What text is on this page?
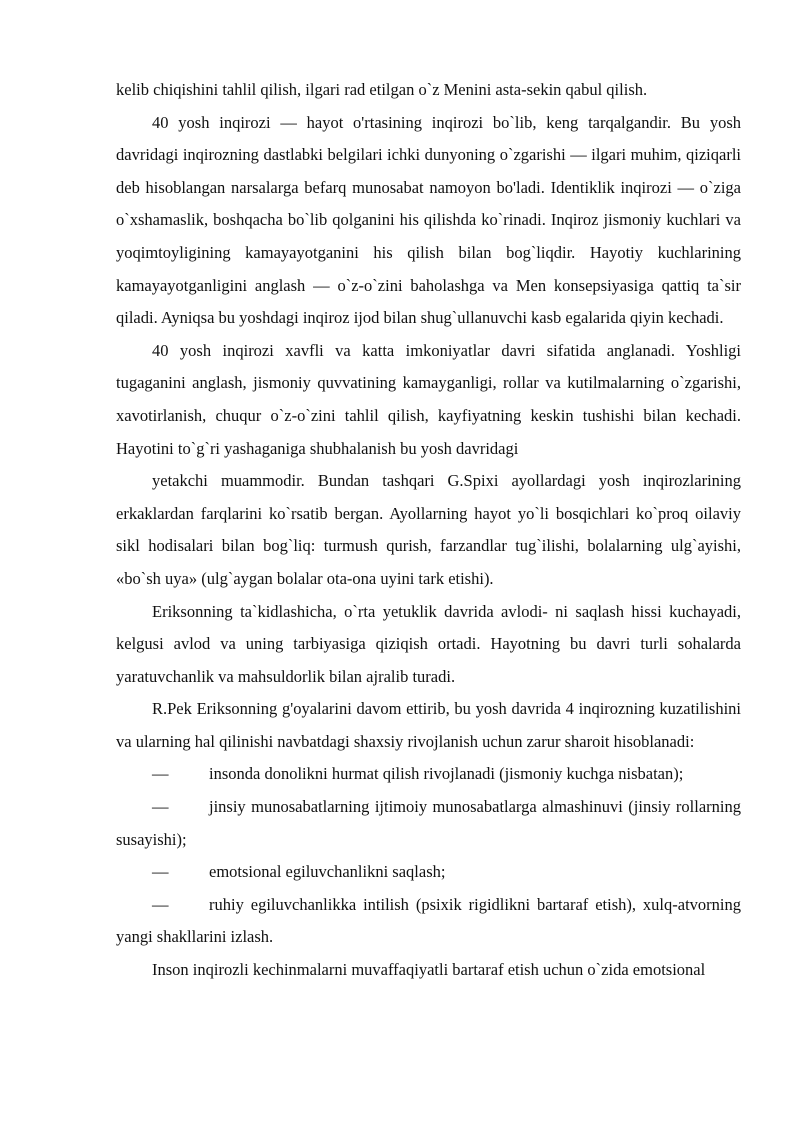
kelib chiqishini tahlil qilish, ilgari rad etilgan o`z Menini asta-sekin qabul qilish.

40 yosh inqirozi — hayot o'rtasining inqirozi bo`lib, keng tarqalgandir. Bu yosh davridagi inqirozning dastlabki belgilari ichki dunyoning o`zgarishi — ilgari muhim, qiziqarli deb hisoblangan narsalarga befarq munosabat namoyon bo'ladi. Identiklik inqirozi — o`ziga o`xshamaslik, boshqacha bo`lib qolganini his qilishda ko`rinadi. Inqiroz jismoniy kuchlari va yoqimtoyligining kamayayotganini his qilish bilan bog`liqdir. Hayotiy kuchlarining kamayayotganligini anglash — o`z-o`zini baholashga va Men konsepsiyasiga qattiq ta`sir qiladi. Ayniqsa bu yoshdagi inqiroz ijod bilan shug`ullanuvchi kasb egalarida qiyin kechadi.

40 yosh inqirozi xavfli va katta imkoniyatlar davri sifatida anglanadi. Yoshligi tugaganini anglash, jismoniy quvvatining kamayganligi, rollar va kutilmalarning o`zgarishi, xavotirlanish, chuqur o`z-o`zini tahlil qilish, kayfiyatning keskin tushishi bilan kechadi. Hayotini to`g`ri yashaganiga shubhalanish bu yosh davridagi

yetakchi muammodir. Bundan tashqari G.Spixi ayollardagi yosh inqirozlarining erkaklardan farqlarini ko`rsatib bergan. Ayollarning hayot yo`li bosqichlari ko`proq oilaviy sikl hodisalari bilan bog`liq: turmush qurish, farzandlar tug`ilishi, bolalarning ulg`ayishi, «bo`sh uya» (ulg`aygan bolalar ota-ona uyini tark etishi).

Eriksonning ta`kidlashicha, o`rta yetuklik davrida avlodi- ni saqlash hissi kuchayadi, kelgusi avlod va uning tarbiyasiga qiziqish ortadi. Hayotning bu davri turli sohalarda yaratuvchanlik va mahsuldorlik bilan ajralib turadi.

R.Pek Eriksonning g'oyalarini davom ettirib, bu yosh davrida 4 inqirozning kuzatilishini va ularning hal qilinishi navbatdagi shaxsiy rivojlanish uchun zarur sharoit hisoblanadi:

— insonda donolikni hurmat qilish rivojlanadi (jismoniy kuchga nisbatan);

— jinsiy munosabatlarning ijtimoiy munosabatlarga almashinuvi (jinsiy rollarning susayishi);

— emotsional egiluvchanlikni saqlash;

— ruhiy egiluvchanlikka intilish (psixik rigidlikni bartaraf etish), xulq-atvorning yangi shakllarini izlash.

Inson inqirozli kechinmalarni muvaffaqiyatli bartaraf etish uchun o`zida emotsional
